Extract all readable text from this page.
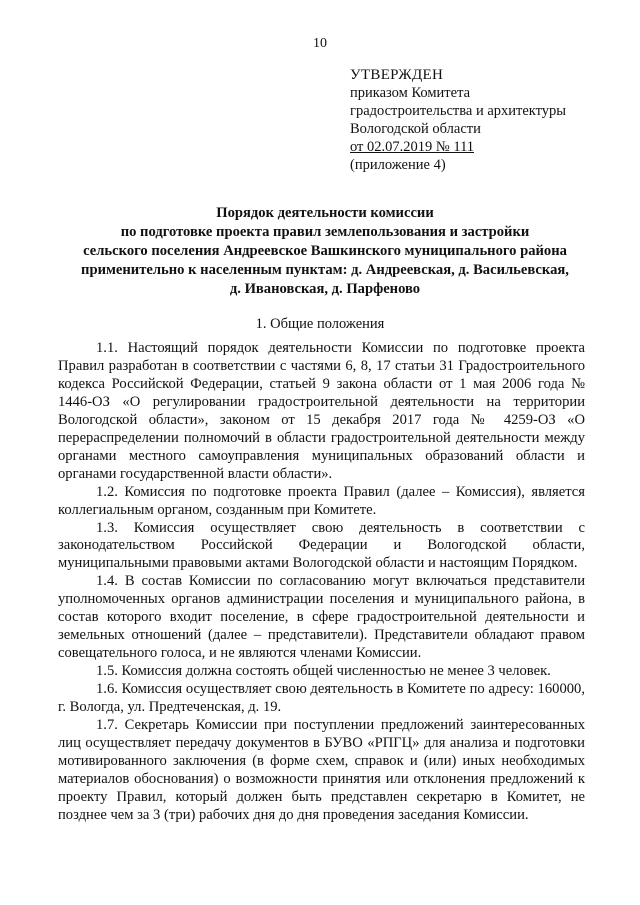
10
УТВЕРЖДЕН
приказом Комитета
градостроительства и архитектуры
Вологодской области
от 02.07.2019 № 111
(приложение 4)
Порядок деятельности комиссии
по подготовке проекта правил землепользования и застройки
сельского поселения Андреевское Вашкинского муниципального района
применительно к населенным пунктам: д. Андреевская, д. Васильевская,
д. Ивановская, д. Парфеново
1. Общие положения

1.1. Настоящий порядок деятельности Комиссии по подготовке проекта Правил разработан в соответствии с частями 6, 8, 17 статьи 31 Градостроительного кодекса Российской Федерации, статьей 9 закона области от 1 мая 2006 года № 1446-ОЗ «О регулировании градостроительной деятельности на территории Вологодской области», законом от 15 декабря 2017 года № 4259-ОЗ «О перераспределении полномочий в области градостроительной деятельности между органами местного самоуправления муниципальных образований области и органами государственной власти области».

1.2. Комиссия по подготовке проекта Правил (далее – Комиссия), является коллегиальным органом, созданным при Комитете.

1.3. Комиссия осуществляет свою деятельность в соответствии с законодательством Российской Федерации и Вологодской области, муниципальными правовыми актами Вологодской области и настоящим Порядком.

1.4. В состав Комиссии по согласованию могут включаться представители уполномоченных органов администрации поселения и муниципального района, в состав которого входит поселение, в сфере градостроительной деятельности и земельных отношений (далее – представители). Представители обладают правом совещательного голоса, и не являются членами Комиссии.

1.5. Комиссия должна состоять общей численностью не менее 3 человек.

1.6. Комиссия осуществляет свою деятельность в Комитете по адресу: 160000, г. Вологда, ул. Предтеченская, д. 19.

1.7. Секретарь Комиссии при поступлении предложений заинтересованных лиц осуществляет передачу документов в БУВО «РПГЦ» для анализа и подготовки мотивированного заключения (в форме схем, справок и (или) иных необходимых материалов обоснования) о возможности принятия или отклонения предложений к проекту Правил, который должен быть представлен секретарю в Комитет, не позднее чем за 3 (три) рабочих дня до дня проведения заседания Комиссии.
